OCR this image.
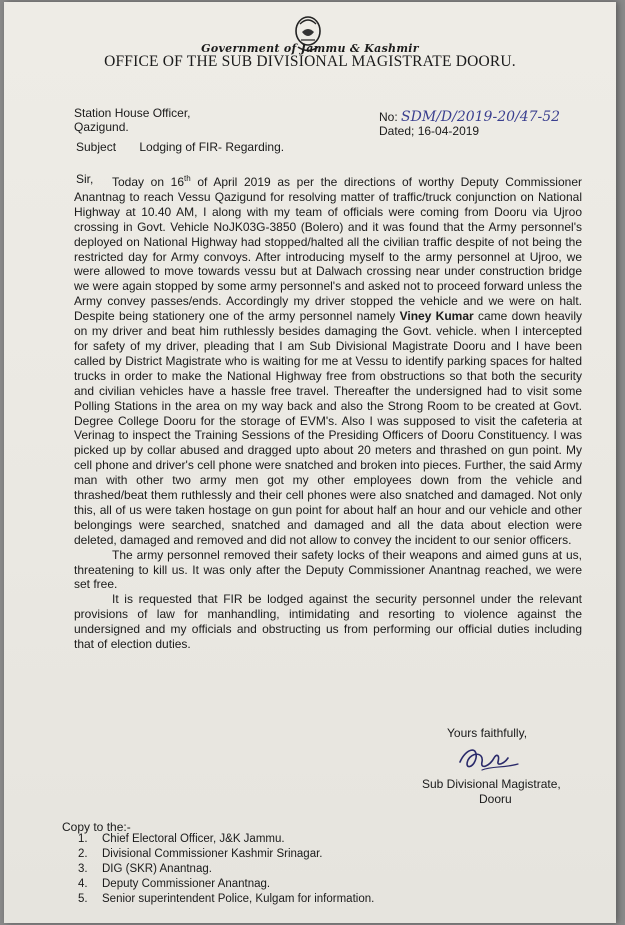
Government of Jammu & Kashmir
OFFICE OF THE SUB DIVISIONAL MAGISTRATE DOORU.
Station House Officer,
Qazigund.
No: SDM/D/2019-20/47-52
Dated; 16-04-2019
Subject Lodging of FIR- Regarding.
Sir,	Today on 16th of April 2019 as per the directions of worthy Deputy Commissioner Anantnag to reach Vessu Qazigund for resolving matter of traffic/truck conjunction on National Highway at 10.40 AM, I along with my team of officials were coming from Dooru via Ujroo crossing in Govt. Vehicle NoJK03G-3850 (Bolero) and it was found that the Army personnel's deployed on National Highway had stopped/halted all the civilian traffic despite of not being the restricted day for Army convoys. After introducing myself to the army personnel at Ujroo, we were allowed to move towards vessu but at Dalwach crossing near under construction bridge we were again stopped by some army personnel's and asked not to proceed forward unless the Army convey passes/ends. Accordingly my driver stopped the vehicle and we were on halt. Despite being stationery one of the army personnel namely Viney Kumar came down heavily on my driver and beat him ruthlessly besides damaging the Govt. vehicle. when I intercepted for safety of my driver, pleading that I am Sub Divisional Magistrate Dooru and I have been called by District Magistrate who is waiting for me at Vessu to identify parking spaces for halted trucks in order to make the National Highway free from obstructions so that both the security and civilian vehicles have a hassle free travel. Thereafter the undersigned had to visit some Polling Stations in the area on my way back and also the Strong Room to be created at Govt. Degree College Dooru for the storage of EVM's. Also I was supposed to visit the cafeteria at Verinag to inspect the Training Sessions of the Presiding Officers of Dooru Constituency. I was picked up by collar abused and dragged upto about 20 meters and thrashed on gun point. My cell phone and driver's cell phone were snatched and broken into pieces. Further, the said Army man with other two army men got my other employees down from the vehicle and thrashed/beat them ruthlessly and their cell phones were also snatched and damaged. Not only this, all of us were taken hostage on gun point for about half an hour and our vehicle and other belongings were searched, snatched and damaged and all the data about election were deleted, damaged and removed and did not allow to convey the incident to our senior officers.

The army personnel removed their safety locks of their weapons and aimed guns at us, threatening to kill us. It was only after the Deputy Commissioner Anantnag reached, we were set free.

It is requested that FIR be lodged against the security personnel under the relevant provisions of law for manhandling, intimidating and resorting to violence against the undersigned and my officials and obstructing us from performing our official duties including that of election duties.

Yours faithfully,
Sub Divisional Magistrate,
Dooru
Copy to the:-
1. Chief Electoral Officer, J&K Jammu.
2. Divisional Commissioner Kashmir Srinagar.
3. DIG (SKR) Anantnag.
4. Deputy Commissioner Anantnag.
5. Senior superintendent Police, Kulgam for information.
